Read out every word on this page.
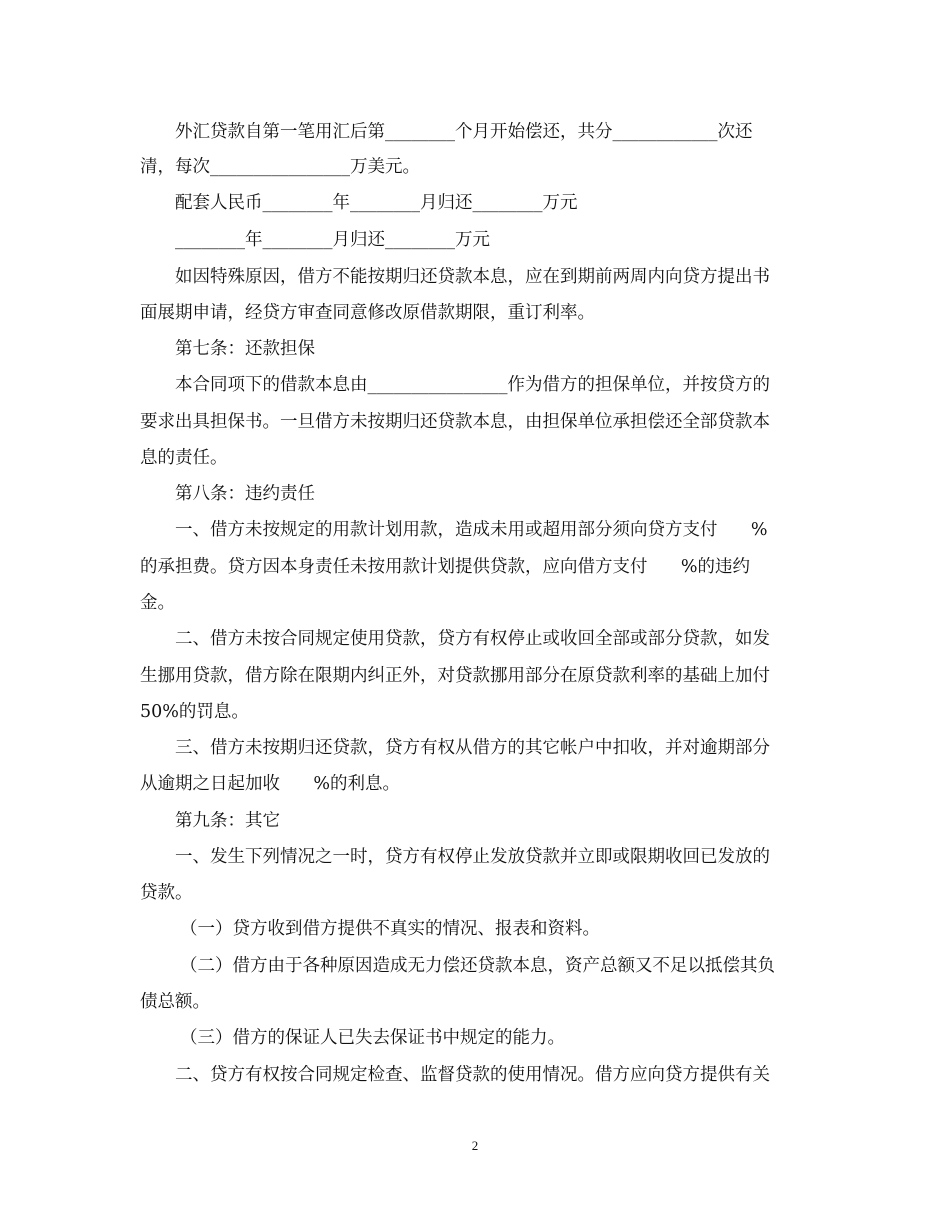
外汇贷款自第一笔用汇后第________个月开始偿还，共分____________次还
清，每次________________万美元。
配套人民币________年________月归还________万元
________年________月归还________万元
如因特殊原因，借方不能按期归还贷款本息，应在到期前两周内向贷方提出书
面展期申请，经贷方审查同意修改原借款期限，重订利率。
第七条：还款担保
本合同项下的借款本息由________________作为借方的担保单位，并按贷方的
要求出具担保书。一旦借方未按期归还贷款本息，由担保单位承担偿还全部贷款本
息的责任。
第八条：违约责任
一、借方未按规定的用款计划用款，造成未用或超用部分须向贷方支付      %
的承担费。贷方因本身责任未按用款计划提供贷款，应向借方支付      %的违约
金。
二、借方未按合同规定使用贷款，贷方有权停止或收回全部或部分贷款，如发
生挪用贷款，借方除在限期内纠正外，对贷款挪用部分在原贷款利率的基础上加付
50%的罚息。
三、借方未按期归还贷款，贷方有权从借方的其它帐户中扣收，并对逾期部分
从逾期之日起加收      %的利息。
第九条：其它
一、发生下列情况之一时，贷方有权停止发放贷款并立即或限期收回已发放的
贷款。
（一）贷方收到借方提供不真实的情况、报表和资料。
（二）借方由于各种原因造成无力偿还贷款本息，资产总额又不足以抵偿其负
债总额。
（三）借方的保证人已失去保证书中规定的能力。
二、贷方有权按合同规定检查、监督贷款的使用情况。借方应向贷方提供有关
2
